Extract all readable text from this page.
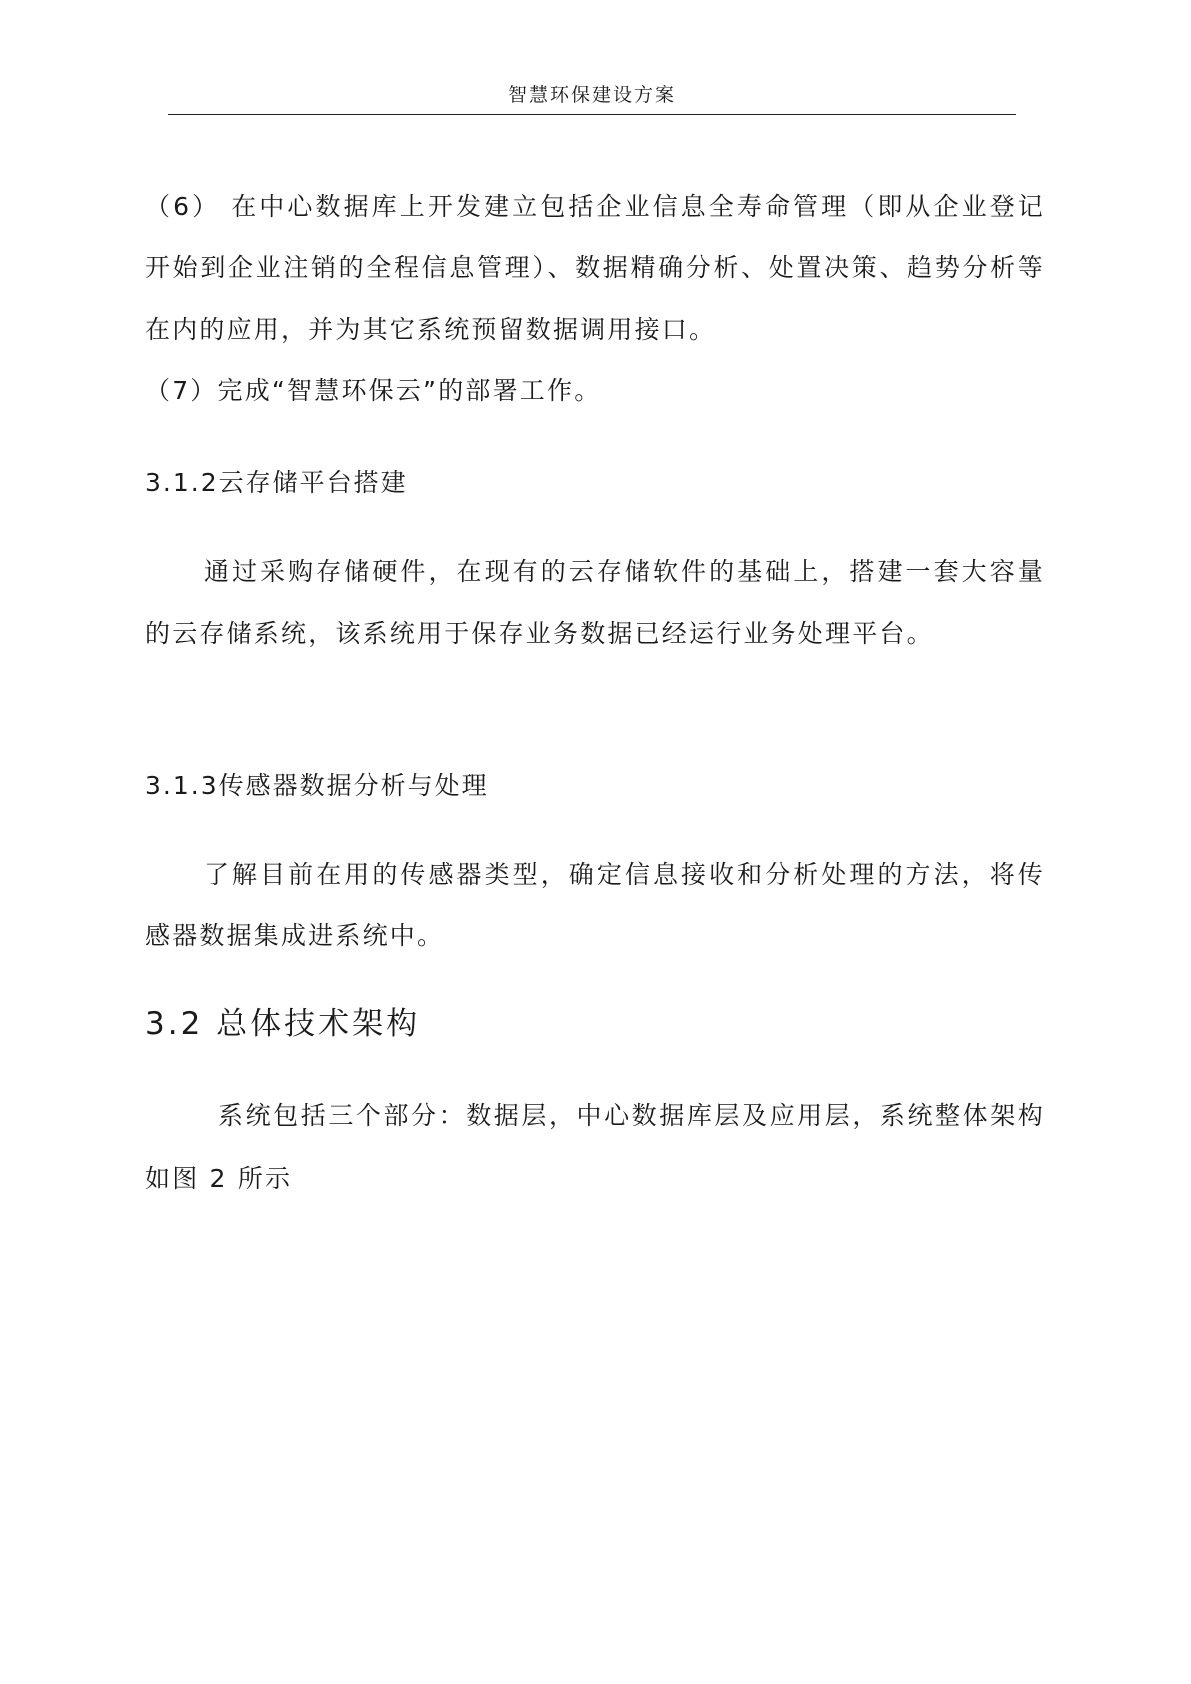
智慧环保建设方案
（6） 在中心数据库上开发建立包括企业信息全寿命管理（即从企业登记
开始到企业注销的全程信息管理）、数据精确分析、处置决策、趋势分析等
在内的应用，并为其它系统预留数据调用接口。
（7）完成“智慧环保云”的部署工作。
3.1.2云存储平台搭建
通过采购存储硬件，在现有的云存储软件的基础上，搭建一套大容量
的云存储系统，该系统用于保存业务数据已经运行业务处理平台。
3.1.3传感器数据分析与处理
了解目前在用的传感器类型，确定信息接收和分析处理的方法，将传
感器数据集成进系统中。
3.2 总体技术架构
系统包括三个部分：数据层，中心数据库层及应用层，系统整体架构
如图 2 所示
